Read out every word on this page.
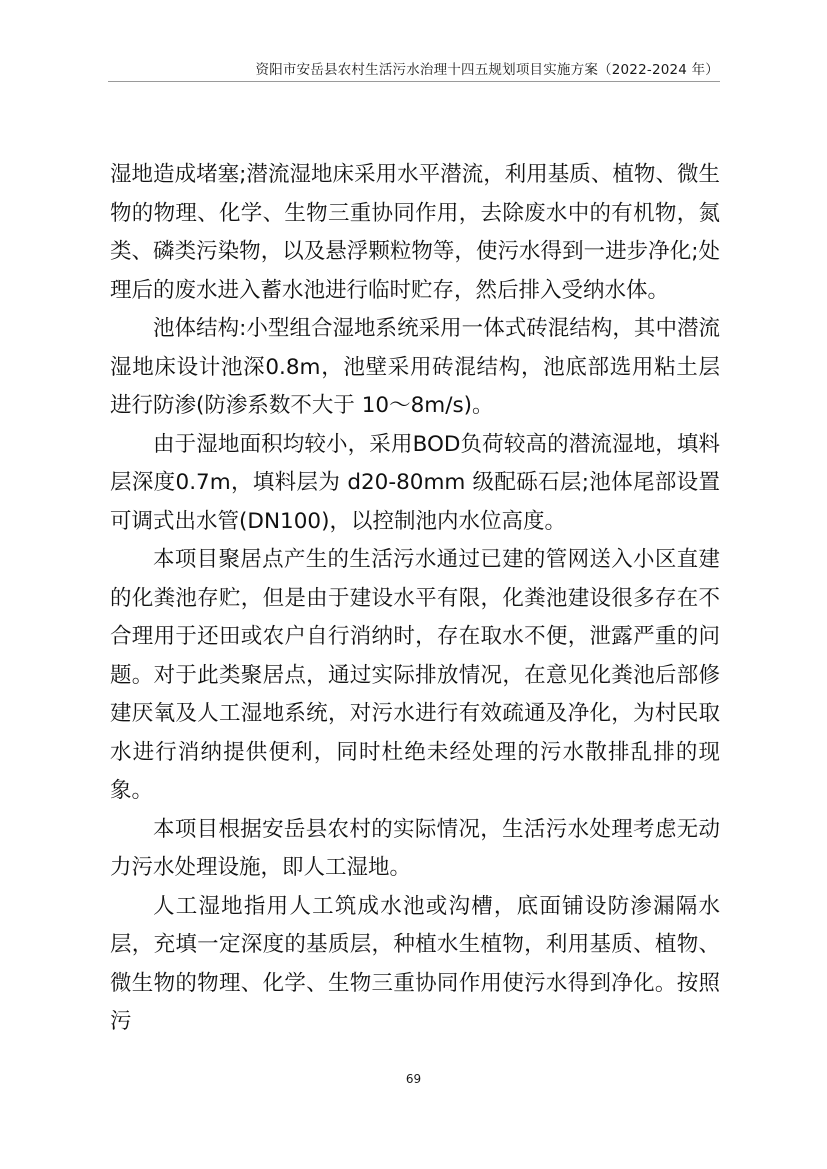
资阳市安岳县农村生活污水治理十四五规划项目实施方案（2022-2024 年）

湿地造成堵塞;潜流湿地床采用水平潜流，利用基质、植物、微生物的物理、化学、生物三重协同作用，去除废水中的有机物，氮类、磷类污染物，以及悬浮颗粒物等，使污水得到一进步净化;处理后的废水进入蓄水池进行临时贮存，然后排入受纳水体。

池体结构:小型组合湿地系统采用一体式砖混结构，其中潜流湿地床设计池深0.8m，池壁采用砖混结构，池底部选用粘土层进行防渗(防渗系数不大于 10～8m/s)。

由于湿地面积均较小，采用BOD负荷较高的潜流湿地，填料层深度0.7m，填料层为 d20-80mm 级配砾石层;池体尾部设置可调式出水管(DN100)，以控制池内水位高度。

本项目聚居点产生的生活污水通过已建的管网送入小区直建的化粪池存贮，但是由于建设水平有限，化粪池建设很多存在不合理用于还田或农户自行消纳时，存在取水不便，泄露严重的问题。对于此类聚居点，通过实际排放情况，在意见化粪池后部修建厌氧及人工湿地系统，对污水进行有效疏通及净化，为村民取水进行消纳提供便利，同时杜绝未经处理的污水散排乱排的现象。

本项目根据安岳县农村的实际情况，生活污水处理考虑无动力污水处理设施，即人工湿地。

人工湿地指用人工筑成水池或沟槽，底面铺设防渗漏隔水层，充填一定深度的基质层，种植水生植物，利用基质、植物、微生物的物理、化学、生物三重协同作用使污水得到净化。按照污

69
